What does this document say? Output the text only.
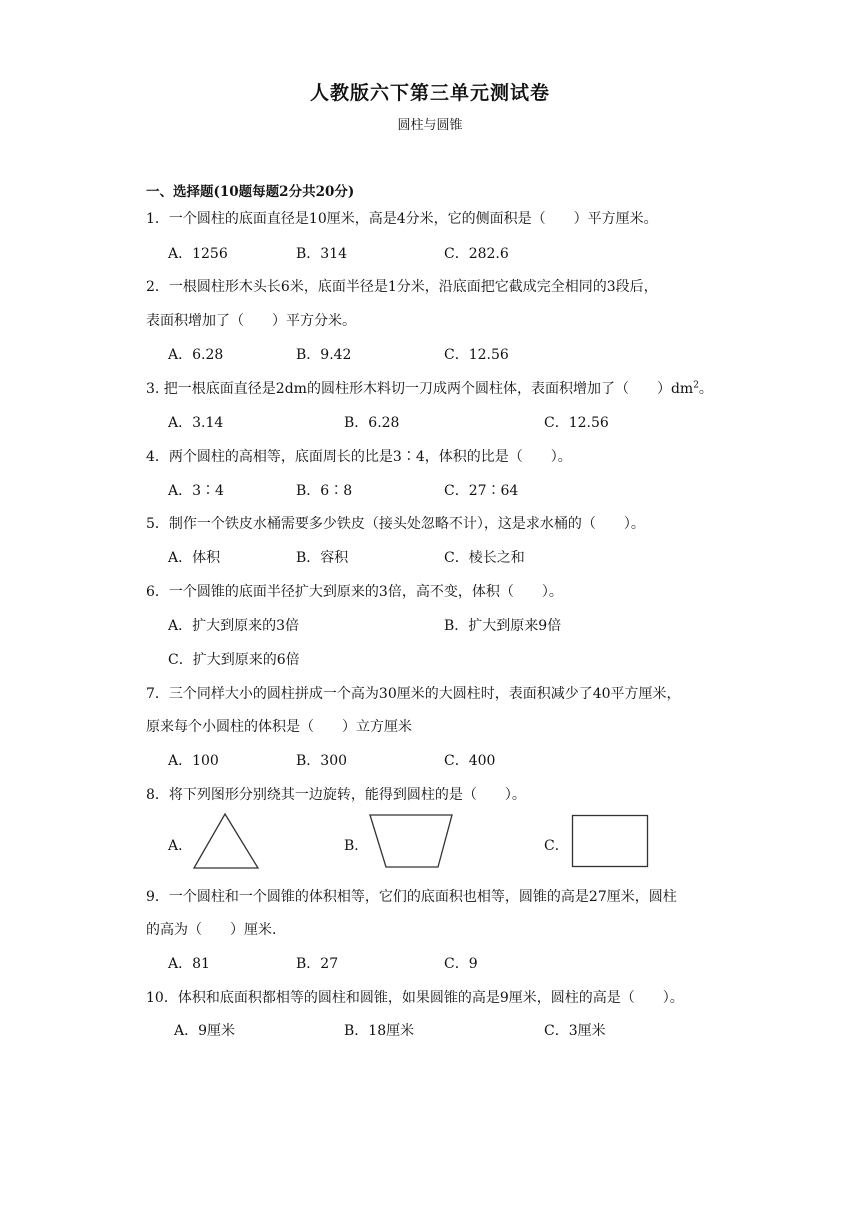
人教版六下第三单元测试卷
圆柱与圆锥
一、选择题(10题每题2分共20分)
1．一个圆柱的底面直径是10厘米，高是4分米，它的侧面积是（　　）平方厘米。
A．1256	B．314	C．282.6
2．一根圆柱形木头长6米，底面半径是1分米，沿底面把它截成完全相同的3段后，
表面积增加了（　　）平方分米。
A．6.28	B．9.42	C．12.56
3. 把一根底面直径是2dm的圆柱形木料切一刀成两个圆柱体，表面积增加了（　　）$dm^2$。
A．3.14	B．6.28	C．12.56
4．两个圆柱的高相等，底面周长的比是3∶4，体积的比是（　　）。
A．3∶4	B．6∶8	C．27∶64
5．制作一个铁皮水桶需要多少铁皮（接头处忽略不计），这是求水桶的（　　）。
A．体积	B．容积	C．棱长之和
6．一个圆锥的底面半径扩大到原来的3倍，高不变，体积（　　）。
A．扩大到原来的3倍	B．扩大到原来9倍
C．扩大到原来的6倍
7．三个同样大小的圆柱拼成一个高为30厘米的大圆柱时，表面积减少了40平方厘米，
原来每个小圆柱的体积是（　　）立方厘米
A．100	B．300	C．400
8．将下列图形分别绕其一边旋转，能得到圆柱的是（　　）。
A．	B．	C．
9．一个圆柱和一个圆锥的体积相等，它们的底面积也相等，圆锥的高是27厘米，圆柱
的高为（　　）厘米.
A．81	B．27	C．9
10．体积和底面积都相等的圆柱和圆锥，如果圆锥的高是9厘米，圆柱的高是（　　）。
A．9厘米	B．18厘米	C．3厘米
